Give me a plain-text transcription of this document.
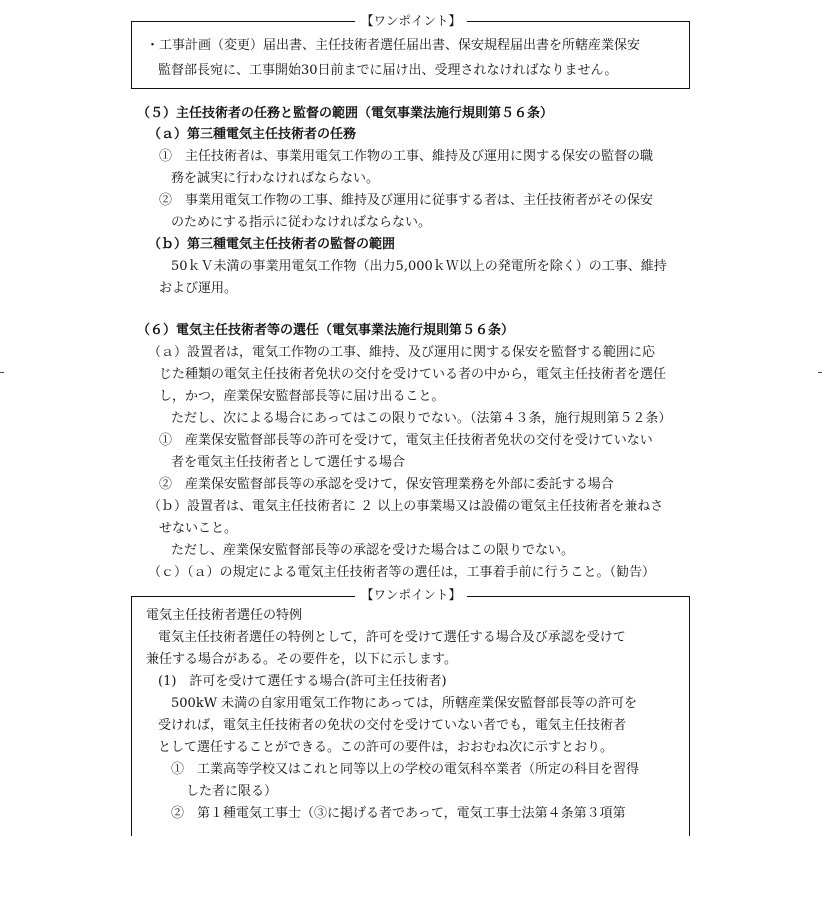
【ワンポイント】
・工事計画（変更）届出書、主任技術者選任届出書、保安規程届出書を所轄産業保安
監督部長宛に、工事開始30日前までに届け出、受理されなければなりません。
（５）主任技術者の任務と監督の範囲（電気事業法施行規則第５６条）
（ａ）第三種電気主任技術者の任務
①　主任技術者は、事業用電気工作物の工事、維持及び運用に関する保安の監督の職
務を誠実に行わなければならない。
②　事業用電気工作物の工事、維持及び運用に従事する者は、主任技術者がその保安
のためにする指示に従わなければならない。
（ｂ）第三種電気主任技術者の監督の範囲
50ｋＶ未満の事業用電気工作物（出力5,000ｋＷ以上の発電所を除く）の工事、維持
および運用。
（６）電気主任技術者等の選任（電気事業法施行規則第５６条）
（ａ）設置者は，電気工作物の工事、維持、及び運用に関する保安を監督する範囲に応
じた種類の電気主任技術者免状の交付を受けている者の中から，電気主任技術者を選任
し，かつ，産業保安監督部長等に届け出ること。
ただし、次による場合にあってはこの限りでない。（法第４３条，施行規則第５２条）
①　産業保安監督部長等の許可を受けて，電気主任技術者免状の交付を受けていない
者を電気主任技術者として選任する場合
②　産業保安監督部長等の承認を受けて，保安管理業務を外部に委託する場合
（ｂ）設置者は、電気主任技術者に ２ 以上の事業場又は設備の電気主任技術者を兼ねさ
せないこと。
ただし、産業保安監督部長等の承認を受けた場合はこの限りでない。
（ｃ）（ａ）の規定による電気主任技術者等の選任は，工事着手前に行うこと。（勧告）
【ワンポイント】
電気主任技術者選任の特例
電気主任技術者選任の特例として，許可を受けて選任する場合及び承認を受けて
兼任する場合がある。その要件を，以下に示します。
(1)　許可を受けて選任する場合(許可主任技術者)
500kW 未満の自家用電気工作物にあっては，所轄産業保安監督部長等の許可を
受ければ，電気主任技術者の免状の交付を受けていない者でも，電気主任技術者
として選任することができる。この許可の要件は，おおむね次に示すとおり。
①　工業高等学校又はこれと同等以上の学校の電気科卒業者（所定の科目を習得
した者に限る）
②　第１種電気工事士（③に掲げる者であって，電気工事士法第４条第３項第
